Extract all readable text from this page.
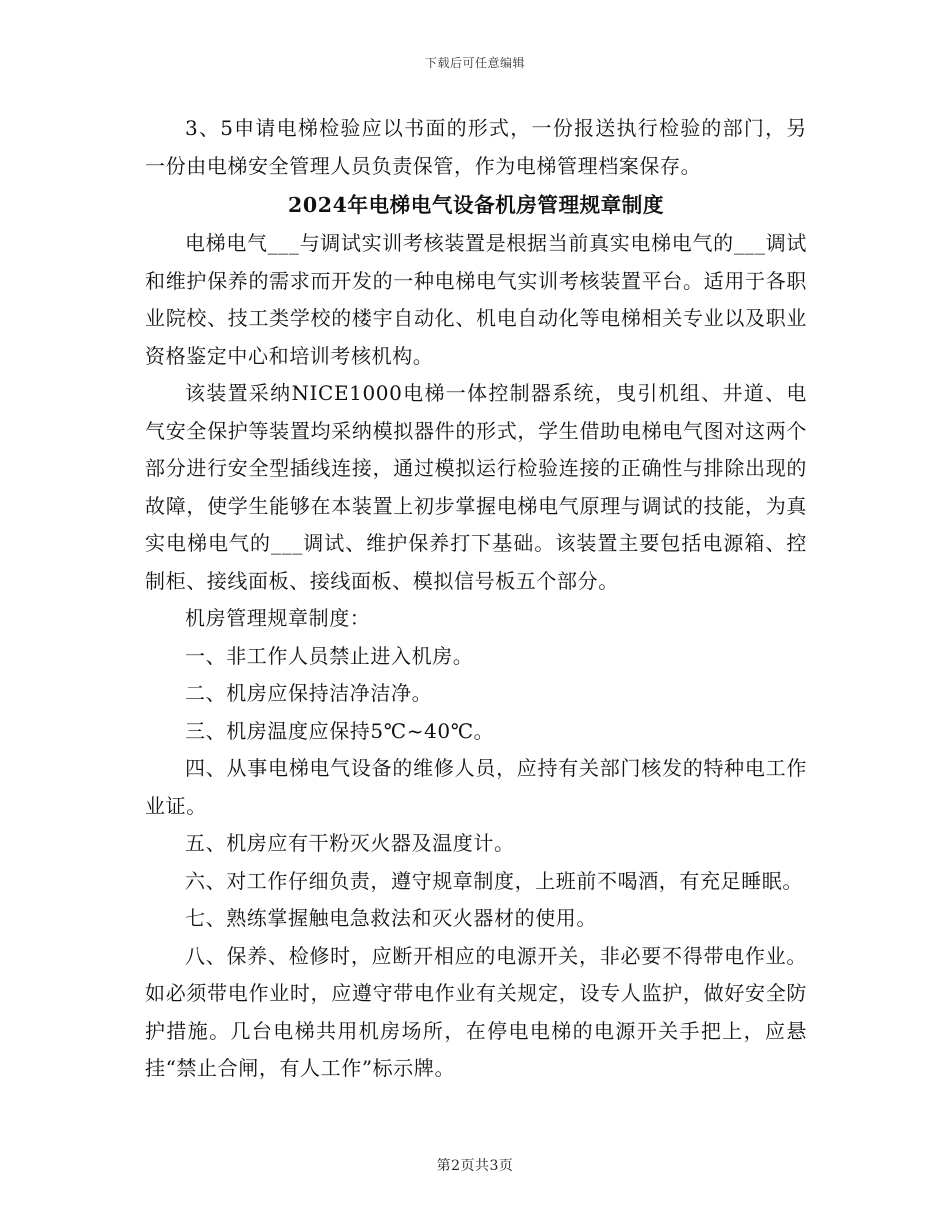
下载后可任意编辑

3、5申请电梯检验应以书面的形式，一份报送执行检验的部门，另一份由电梯安全管理人员负责保管，作为电梯管理档案保存。

2024年电梯电气设备机房管理规章制度

电梯电气___与调试实训考核装置是根据当前真实电梯电气的___调试和维护保养的需求而开发的一种电梯电气实训考核装置平台。适用于各职业院校、技工类学校的楼宇自动化、机电自动化等电梯相关专业以及职业资格鉴定中心和培训考核机构。

该装置采纳NICE1000电梯一体控制器系统，曳引机组、井道、电气安全保护等装置均采纳模拟器件的形式，学生借助电梯电气图对这两个部分进行安全型插线连接，通过模拟运行检验连接的正确性与排除出现的故障，使学生能够在本装置上初步掌握电梯电气原理与调试的技能，为真实电梯电气的___调试、维护保养打下基础。该装置主要包括电源箱、控制柜、接线面板、接线面板、模拟信号板五个部分。

机房管理规章制度：

一、非工作人员禁止进入机房。

二、机房应保持洁净洁净。

三、机房温度应保持5℃~40℃。

四、从事电梯电气设备的维修人员，应持有关部门核发的特种电工作业证。

五、机房应有干粉灭火器及温度计。

六、对工作仔细负责，遵守规章制度，上班前不喝酒，有充足睡眠。

七、熟练掌握触电急救法和灭火器材的使用。

八、保养、检修时，应断开相应的电源开关，非必要不得带电作业。如必须带电作业时，应遵守带电作业有关规定，设专人监护，做好安全防护措施。几台电梯共用机房场所，在停电电梯的电源开关手把上，应悬挂“禁止合闸，有人工作”标示牌。

第2页共3页
